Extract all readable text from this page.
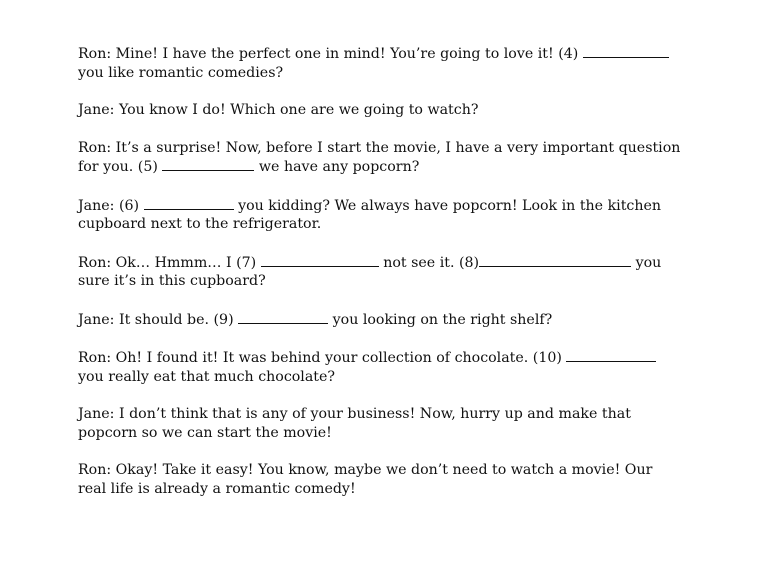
Ron: Mine! I have the perfect one in mind! You’re going to love it! (4)
you like romantic comedies?

Jane: You know I do! Which one are we going to watch?

Ron: It’s a surprise! Now, before I start the movie, I have a very important question
for you. (5)	we have any popcorn?

Jane: (6)	you kidding? We always have popcorn! Look in the kitchen
cupboard next to the refrigerator.

Ron: Ok… Hmmm… I (7)	not see it. (8)	you
sure it’s in this cupboard?

Jane: It should be. (9)	you looking on the right shelf?

Ron: Oh! I found it! It was behind your collection of chocolate. (10)
you really eat that much chocolate?

Jane: I don’t think that is any of your business! Now, hurry up and make that
popcorn so we can start the movie!

Ron: Okay! Take it easy! You know, maybe we don’t need to watch a movie! Our
real life is already a romantic comedy!
